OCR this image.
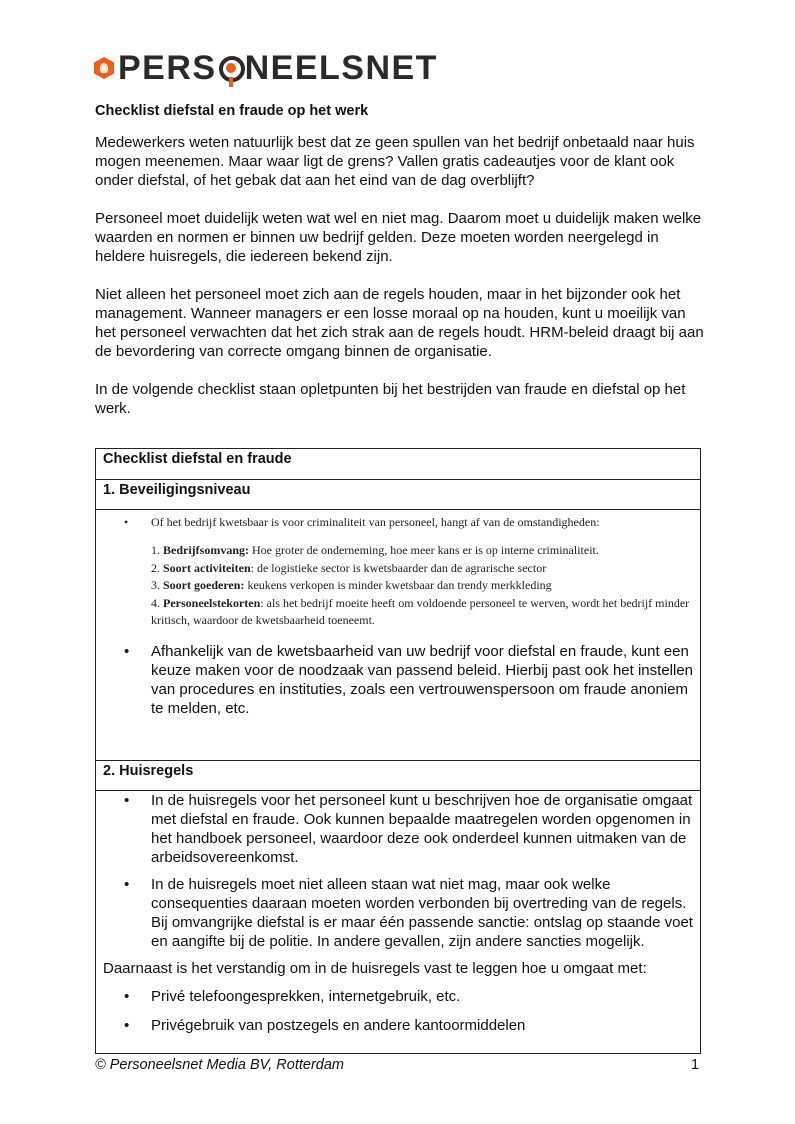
PERS NEELSNET
Checklist diefstal en fraude op het werk
Medewerkers weten natuurlijk best dat ze geen spullen van het bedrijf onbetaald naar huis mogen meenemen. Maar waar ligt de grens? Vallen gratis cadeautjes voor de klant ook onder diefstal, of het gebak dat aan het eind van de dag overblijft?
Personeel moet duidelijk weten wat wel en niet mag. Daarom moet u duidelijk maken welke waarden en normen er binnen uw bedrijf gelden. Deze moeten worden neergelegd in heldere huisregels, die iedereen bekend zijn.
Niet alleen het personeel moet zich aan de regels houden, maar in het bijzonder ook het management. Wanneer managers er een losse moraal op na houden, kunt u moeilijk van het personeel verwachten dat het zich strak aan de regels houdt. HRM-beleid draagt bij aan de bevordering van correcte omgang binnen de organisatie.
In de volgende checklist staan opletpunten bij het bestrijden van fraude en diefstal op het werk.
Checklist diefstal en fraude
1. Beveiligingsniveau

• Of het bedrijf kwetsbaar is voor criminaliteit van personeel, hangt af van de omstandigheden:
1. Bedrijfsomvang: Hoe groter de onderneming, hoe meer kans er is op interne criminaliteit.
2. Soort activiteiten: de logistieke sector is kwetsbaarder dan de agrarische sector
3. Soort goederen: keukens verkopen is minder kwetsbaar dan trendy merkkleding
4. Personeelstekorten: als het bedrijf moeite heeft om voldoende personeel te werven, wordt het bedrijf minder kritisch, waardoor de kwetsbaarheid toeneemt.
• Afhankelijk van de kwetsbaarheid van uw bedrijf voor diefstal en fraude, kunt een keuze maken voor de noodzaak van passend beleid. Hierbij past ook het instellen van procedures en instituties, zoals een vertrouwenspersoon om fraude anoniem te melden, etc.

2. Huisregels

• In de huisregels voor het personeel kunt u beschrijven hoe de organisatie omgaat met diefstal en fraude. Ook kunnen bepaalde maatregelen worden opgenomen in het handboek personeel, waardoor deze ook onderdeel kunnen uitmaken van de arbeidsovereenkomst.
• In de huisregels moet niet alleen staan wat niet mag, maar ook welke consequenties daaraan moeten worden verbonden bij overtreding van de regels. Bij omvangrijke diefstal is er maar één passende sanctie: ontslag op staande voet en aangifte bij de politie. In andere gevallen, zijn andere sancties mogelijk.
Daarnaast is het verstandig om in de huisregels vast te leggen hoe u omgaat met:
• Privé telefoongesprekken, internetgebruik, etc.
• Privégebruik van postzegels en andere kantoormiddelen
© Personeelsnet Media BV, Rotterdam	1
